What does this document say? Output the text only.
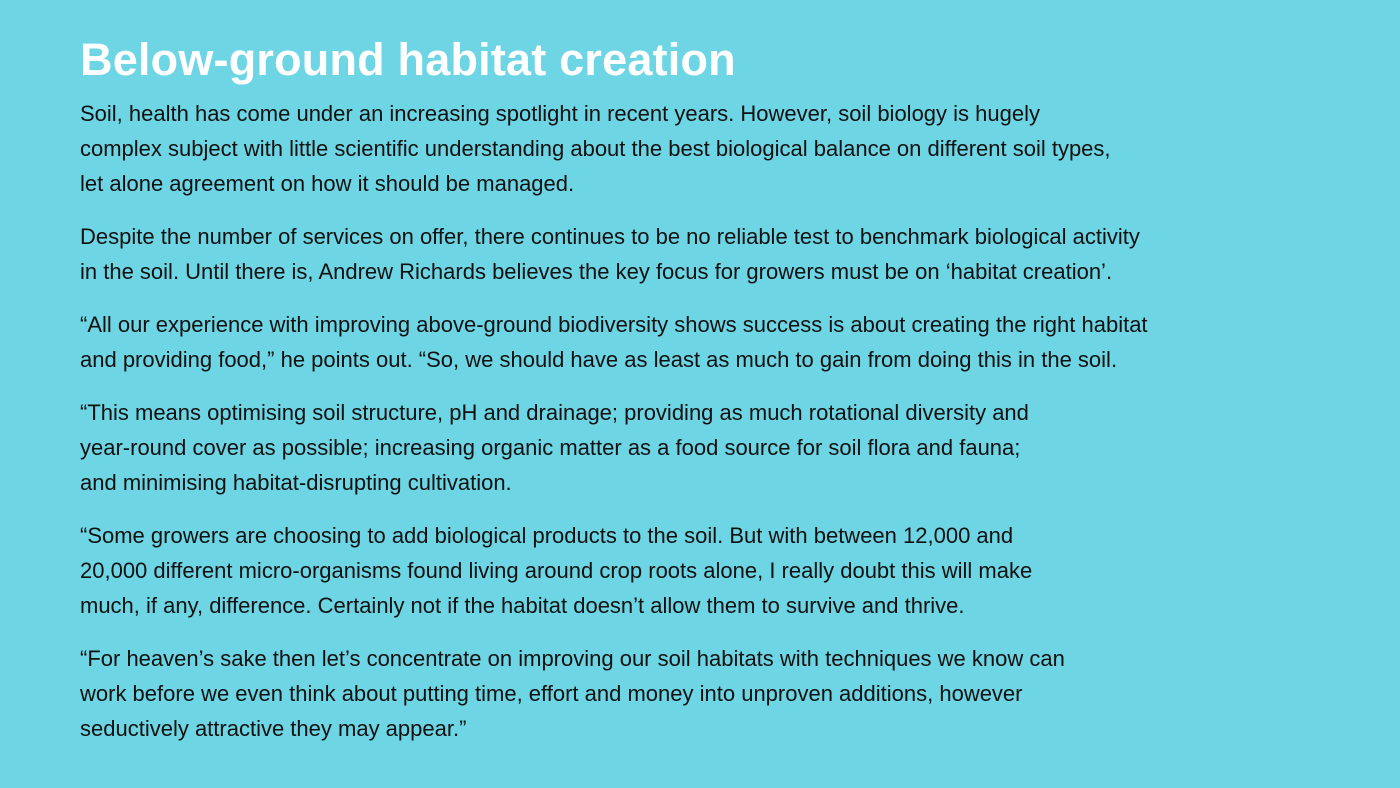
Below-ground habitat creation

Soil, health has come under an increasing spotlight in recent years. However, soil biology is hugely
complex subject with little scientific understanding about the best biological balance on different soil types,
let alone agreement on how it should be managed.

Despite the number of services on offer, there continues to be no reliable test to benchmark biological activity
in the soil. Until there is, Andrew Richards believes the key focus for growers must be on ‘habitat creation’.

“All our experience with improving above-ground biodiversity shows success is about creating the right habitat
and providing food,” he points out. “So, we should have as least as much to gain from doing this in the soil.

“This means optimising soil structure, pH and drainage; providing as much rotational diversity and
year-round cover as possible; increasing organic matter as a food source for soil flora and fauna;
and minimising habitat-disrupting cultivation.

“Some growers are choosing to add biological products to the soil. But with between 12,000 and
20,000 different micro-organisms found living around crop roots alone, I really doubt this will make
much, if any, difference. Certainly not if the habitat doesn’t allow them to survive and thrive.

“For heaven’s sake then let’s concentrate on improving our soil habitats with techniques we know can
work before we even think about putting time, effort and money into unproven additions, however
seductively attractive they may appear.”
